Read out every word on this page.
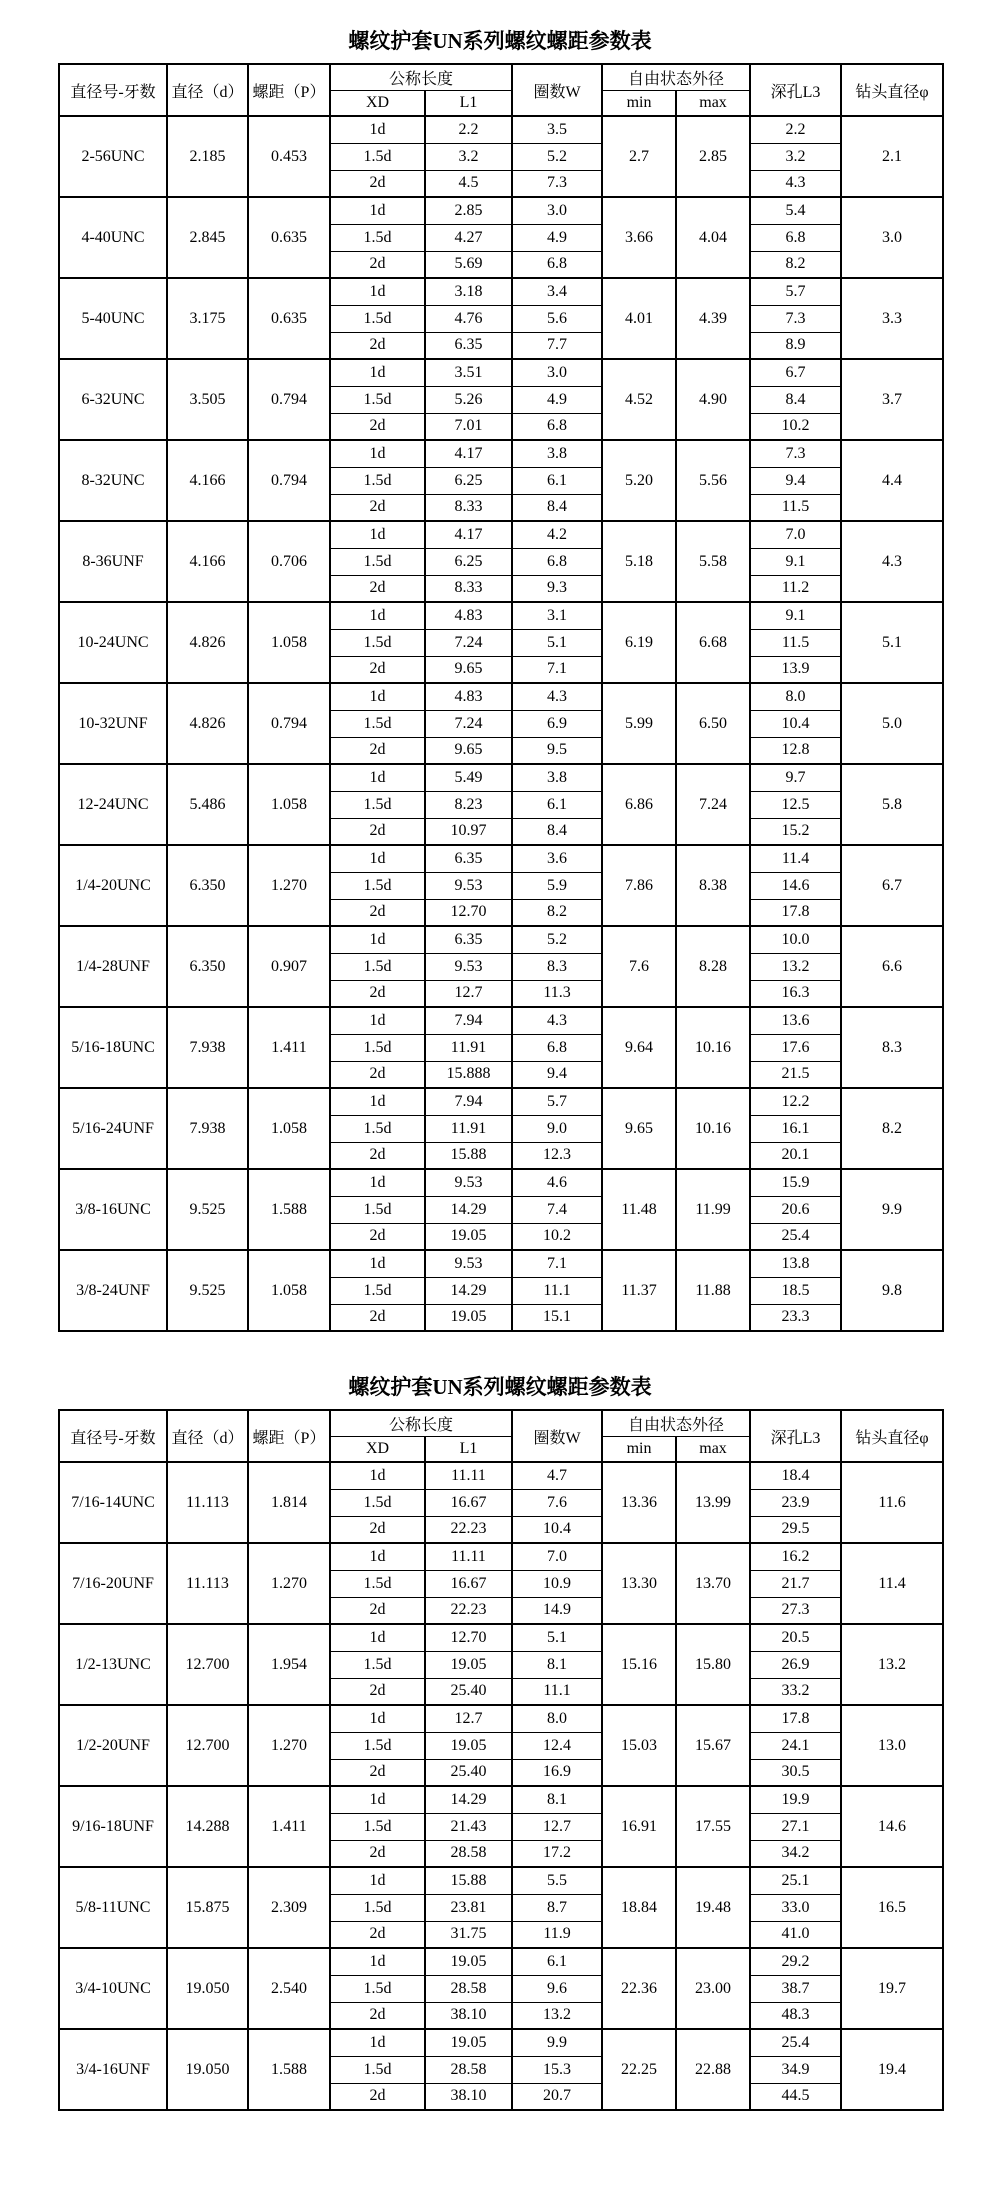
螺纹护套UN系列螺纹螺距参数表
直径号-牙数	直径（d）	螺距（P）	公称长度		圈数W	自由状态外径		深孔L3	钻头直径φ
			XD	L1		min	max		
2-56UNC	2.185	0.453	1d	2.2	3.5	2.7	2.85	2.2	2.1
			1.5d	3.2	5.2			3.2	
			2d	4.5	7.3			4.3	
4-40UNC	2.845	0.635	1d	2.85	3.0	3.66	4.04	5.4	3.0
			1.5d	4.27	4.9			6.8	
			2d	5.69	6.8			8.2	
5-40UNC	3.175	0.635	1d	3.18	3.4	4.01	4.39	5.7	3.3
			1.5d	4.76	5.6			7.3	
			2d	6.35	7.7			8.9	
6-32UNC	3.505	0.794	1d	3.51	3.0	4.52	4.90	6.7	3.7
			1.5d	5.26	4.9			8.4	
			2d	7.01	6.8			10.2	
8-32UNC	4.166	0.794	1d	4.17	3.8	5.20	5.56	7.3	4.4
			1.5d	6.25	6.1			9.4	
			2d	8.33	8.4			11.5	
8-36UNF	4.166	0.706	1d	4.17	4.2	5.18	5.58	7.0	4.3
			1.5d	6.25	6.8			9.1	
			2d	8.33	9.3			11.2	
10-24UNC	4.826	1.058	1d	4.83	3.1	6.19	6.68	9.1	5.1
			1.5d	7.24	5.1			11.5	
			2d	9.65	7.1			13.9	
10-32UNF	4.826	0.794	1d	4.83	4.3	5.99	6.50	8.0	5.0
			1.5d	7.24	6.9			10.4	
			2d	9.65	9.5			12.8	
12-24UNC	5.486	1.058	1d	5.49	3.8	6.86	7.24	9.7	5.8
			1.5d	8.23	6.1			12.5	
			2d	10.97	8.4			15.2	
1/4-20UNC	6.350	1.270	1d	6.35	3.6	7.86	8.38	11.4	6.7
			1.5d	9.53	5.9			14.6	
			2d	12.70	8.2			17.8	
1/4-28UNF	6.350	0.907	1d	6.35	5.2	7.6	8.28	10.0	6.6
			1.5d	9.53	8.3			13.2	
			2d	12.7	11.3			16.3	
5/16-18UNC	7.938	1.411	1d	7.94	4.3	9.64	10.16	13.6	8.3
			1.5d	11.91	6.8			17.6	
			2d	15.888	9.4			21.5	
5/16-24UNF	7.938	1.058	1d	7.94	5.7	9.65	10.16	12.2	8.2
			1.5d	11.91	9.0			16.1	
			2d	15.88	12.3			20.1	
3/8-16UNC	9.525	1.588	1d	9.53	4.6	11.48	11.99	15.9	9.9
			1.5d	14.29	7.4			20.6	
			2d	19.05	10.2			25.4	
3/8-24UNF	9.525	1.058	1d	9.53	7.1	11.37	11.88	13.8	9.8
			1.5d	14.29	11.1			18.5	
			2d	19.05	15.1			23.3	
螺纹护套UN系列螺纹螺距参数表
直径号-牙数	直径（d）	螺距（P）	公称长度		圈数W	自由状态外径		深孔L3	钻头直径φ
			XD	L1		min	max		
7/16-14UNC	11.113	1.814	1d	11.11	4.7	13.36	13.99	18.4	11.6
			1.5d	16.67	7.6			23.9	
			2d	22.23	10.4			29.5	
7/16-20UNF	11.113	1.270	1d	11.11	7.0	13.30	13.70	16.2	11.4
			1.5d	16.67	10.9			21.7	
			2d	22.23	14.9			27.3	
1/2-13UNC	12.700	1.954	1d	12.70	5.1	15.16	15.80	20.5	13.2
			1.5d	19.05	8.1			26.9	
			2d	25.40	11.1			33.2	
1/2-20UNF	12.700	1.270	1d	12.7	8.0	15.03	15.67	17.8	13.0
			1.5d	19.05	12.4			24.1	
			2d	25.40	16.9			30.5	
9/16-18UNF	14.288	1.411	1d	14.29	8.1	16.91	17.55	19.9	14.6
			1.5d	21.43	12.7			27.1	
			2d	28.58	17.2			34.2	
5/8-11UNC	15.875	2.309	1d	15.88	5.5	18.84	19.48	25.1	16.5
			1.5d	23.81	8.7			33.0	
			2d	31.75	11.9			41.0	
3/4-10UNC	19.050	2.540	1d	19.05	6.1	22.36	23.00	29.2	19.7
			1.5d	28.58	9.6			38.7	
			2d	38.10	13.2			48.3	
3/4-16UNF	19.050	1.588	1d	19.05	9.9	22.25	22.88	25.4	19.4
			1.5d	28.58	15.3			34.9	
			2d	38.10	20.7			44.5	
